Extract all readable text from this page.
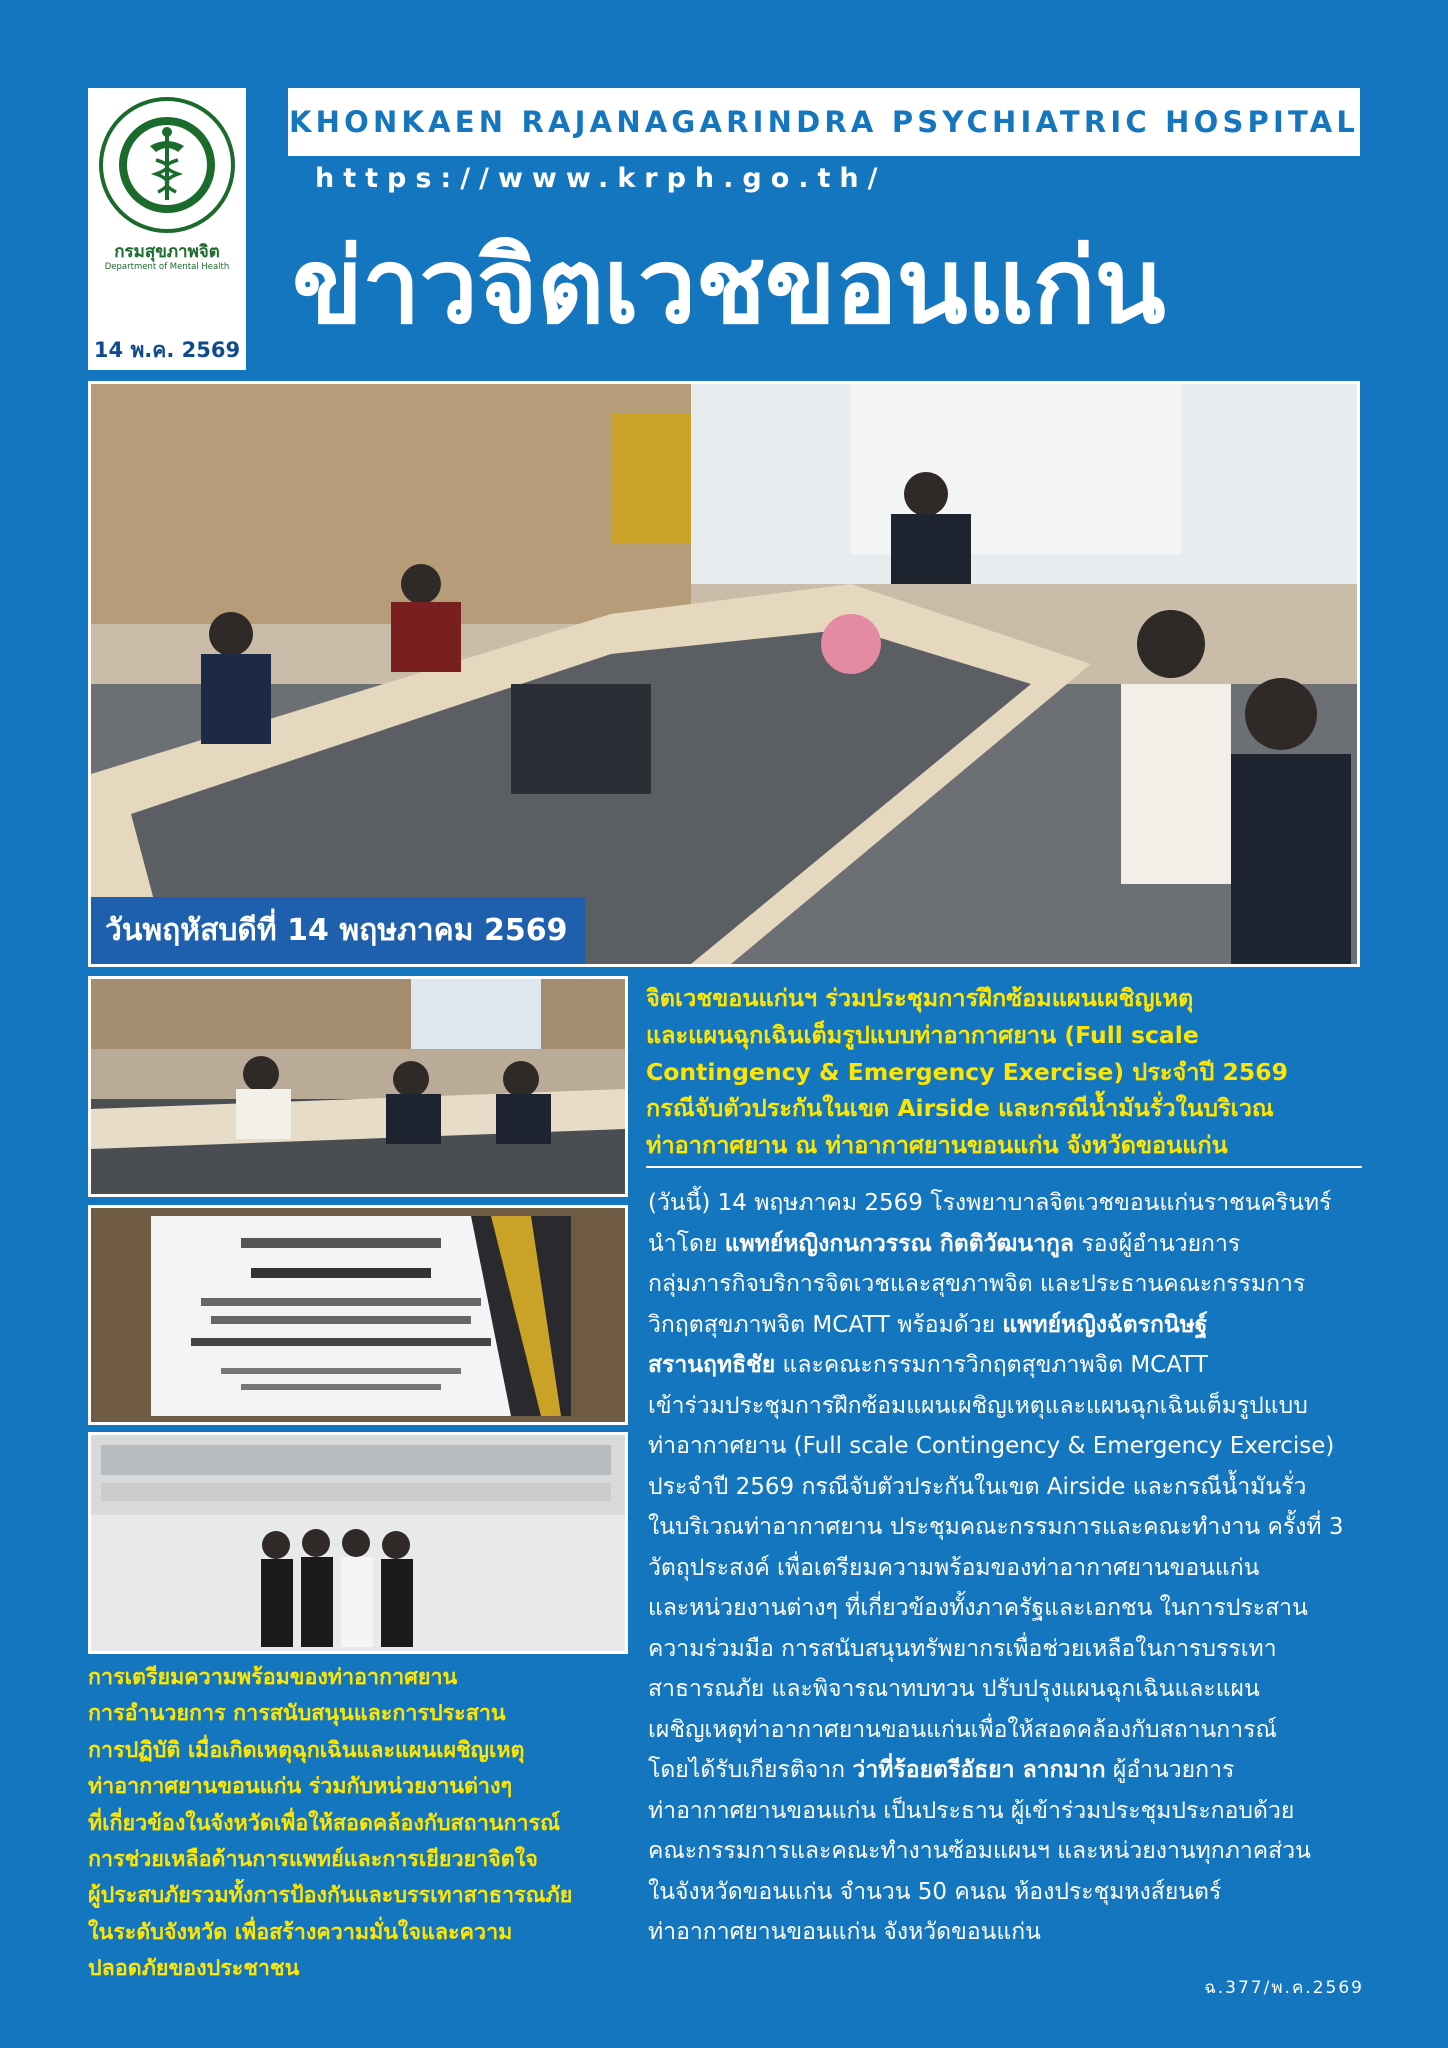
กรมสุขภาพจิต
Department of Mental Health
14 พ.ค. 2569
KHONKAEN RAJANAGARINDRA PSYCHIATRIC HOSPITAL
https://www.krph.go.th/
ข่าวจิตเวชขอนแก่น
วันพฤหัสบดีที่ 14 พฤษภาคม 2569
จิตเวชขอนแก่นฯ ร่วมประชุมการฝึกซ้อมแผนเผชิญเหตุ
และแผนฉุกเฉินเต็มรูปแบบท่าอากาศยาน (Full scale
Contingency & Emergency Exercise) ประจำปี 2569
กรณีจับตัวประกันในเขต Airside และกรณีน้ำมันรั่วในบริเวณ
ท่าอากาศยาน ณ ท่าอากาศยานขอนแก่น จังหวัดขอนแก่น
(วันนี้) 14 พฤษภาคม 2569 โรงพยาบาลจิตเวชขอนแก่นราชนครินทร์
นำโดย แพทย์หญิงกนกวรรณ กิตติวัฒนากูล รองผู้อำนวยการ
กลุ่มภารกิจบริการจิตเวชและสุขภาพจิต และประธานคณะกรรมการ
วิกฤตสุขภาพจิต MCATT พร้อมด้วย แพทย์หญิงฉัตรกนิษฐ์
สรานฤทธิชัย และคณะกรรมการวิกฤตสุขภาพจิต MCATT
เข้าร่วมประชุมการฝึกซ้อมแผนเผชิญเหตุและแผนฉุกเฉินเต็มรูปแบบ
ท่าอากาศยาน (Full scale Contingency & Emergency Exercise)
ประจำปี 2569 กรณีจับตัวประกันในเขต Airside และกรณีน้ำมันรั่ว
ในบริเวณท่าอากาศยาน ประชุมคณะกรรมการและคณะทำงาน ครั้งที่ 3
วัตถุประสงค์ เพื่อเตรียมความพร้อมของท่าอากาศยานขอนแก่น
และหน่วยงานต่างๆ ที่เกี่ยวข้องทั้งภาครัฐและเอกชน ในการประสาน
ความร่วมมือ การสนับสนุนทรัพยากรเพื่อช่วยเหลือในการบรรเทา
สาธารณภัย และพิจารณาทบทวน ปรับปรุงแผนฉุกเฉินและแผน
เผชิญเหตุท่าอากาศยานขอนแก่นเพื่อให้สอดคล้องกับสถานการณ์
โดยได้รับเกียรติจาก ว่าที่ร้อยตรีอัธยา ลากมาก ผู้อำนวยการ
ท่าอากาศยานขอนแก่น เป็นประธาน ผู้เข้าร่วมประชุมประกอบด้วย
คณะกรรมการและคณะทำงานซ้อมแผนฯ และหน่วยงานทุกภาคส่วน
ในจังหวัดขอนแก่น จำนวน 50 คนณ ห้องประชุมหงส์ยนตร์
ท่าอากาศยานขอนแก่น จังหวัดขอนแก่น
การเตรียมความพร้อมของท่าอากาศยาน
การอำนวยการ การสนับสนุนและการประสาน
การปฏิบัติ เมื่อเกิดเหตุฉุกเฉินและแผนเผชิญเหตุ
ท่าอากาศยานขอนแก่น ร่วมกับหน่วยงานต่างๆ
ที่เกี่ยวข้องในจังหวัดเพื่อให้สอดคล้องกับสถานการณ์
การช่วยเหลือด้านการแพทย์และการเยียวยาจิตใจ
ผู้ประสบภัยรวมทั้งการป้องกันและบรรเทาสาธารณภัย
ในระดับจังหวัด เพื่อสร้างความมั่นใจและความ
ปลอดภัยของประชาชน
ฉ.377/พ.ค.2569
